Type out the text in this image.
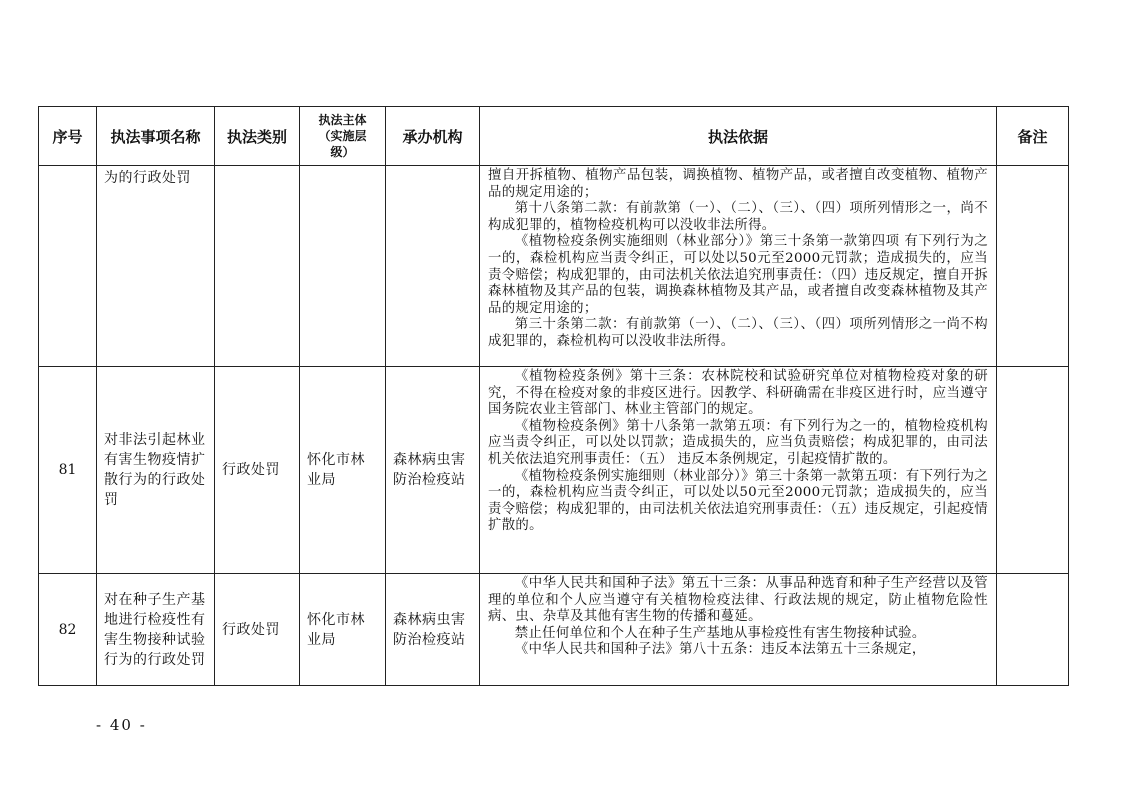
序号	执法事项名称	执法类别	执法主体（实施层级）	承办机构	执法依据	备注

	为的行政处罚				擅自开拆植物、植物产品包装，调换植物、植物产品，或者擅自改变植物、植物产品的规定用途的；

第十八条第二款：有前款第（一）、（二）、（三）、（四）项所列情形之一，尚不构成犯罪的，植物检疫机构可以没收非法所得。

《植物检疫条例实施细则（林业部分）》第三十条第一款第四项 有下列行为之一的，森检机构应当责令纠正，可以处以50元至2000元罚款；造成损失的，应当责令赔偿；构成犯罪的，由司法机关依法追究刑事责任：（四）违反规定，擅自开拆森林植物及其产品的包装，调换森林植物及其产品，或者擅自改变森林植物及其产品的规定用途的；

第三十条第二款：有前款第（一）、（二）、（三）、（四）项所列情形之一尚不构成犯罪的，森检机构可以没收非法所得。	

81	对非法引起林业有害生物疫情扩散行为的行政处罚	行政处罚	怀化市林业局	森林病虫害防治检疫站	《植物检疫条例》第十三条：农林院校和试验研究单位对植物检疫对象的研究，不得在检疫对象的非疫区进行。因教学、科研确需在非疫区进行时，应当遵守国务院农业主管部门、林业主管部门的规定。

《植物检疫条例》第十八条第一款第五项：有下列行为之一的，植物检疫机构应当责令纠正，可以处以罚款；造成损失的，应当负责赔偿；构成犯罪的，由司法机关依法追究刑事责任：（五） 违反本条例规定，引起疫情扩散的。

《植物检疫条例实施细则（林业部分）》第三十条第一款第五项：有下列行为之一的，森检机构应当责令纠正，可以处以50元至2000元罚款；造成损失的，应当责令赔偿；构成犯罪的，由司法机关依法追究刑事责任：（五）违反规定，引起疫情扩散的。	

82	对在种子生产基地进行检疫性有害生物接种试验行为的行政处罚	行政处罚	怀化市林业局	森林病虫害防治检疫站	《中华人民共和国种子法》第五十三条：从事品种选育和种子生产经营以及管理的单位和个人应当遵守有关植物检疫法律、行政法规的规定，防止植物危险性病、虫、杂草及其他有害生物的传播和蔓延。

禁止任何单位和个人在种子生产基地从事检疫性有害生物接种试验。

《中华人民共和国种子法》第八十五条：违反本法第五十三条规定，	

- 40 -
